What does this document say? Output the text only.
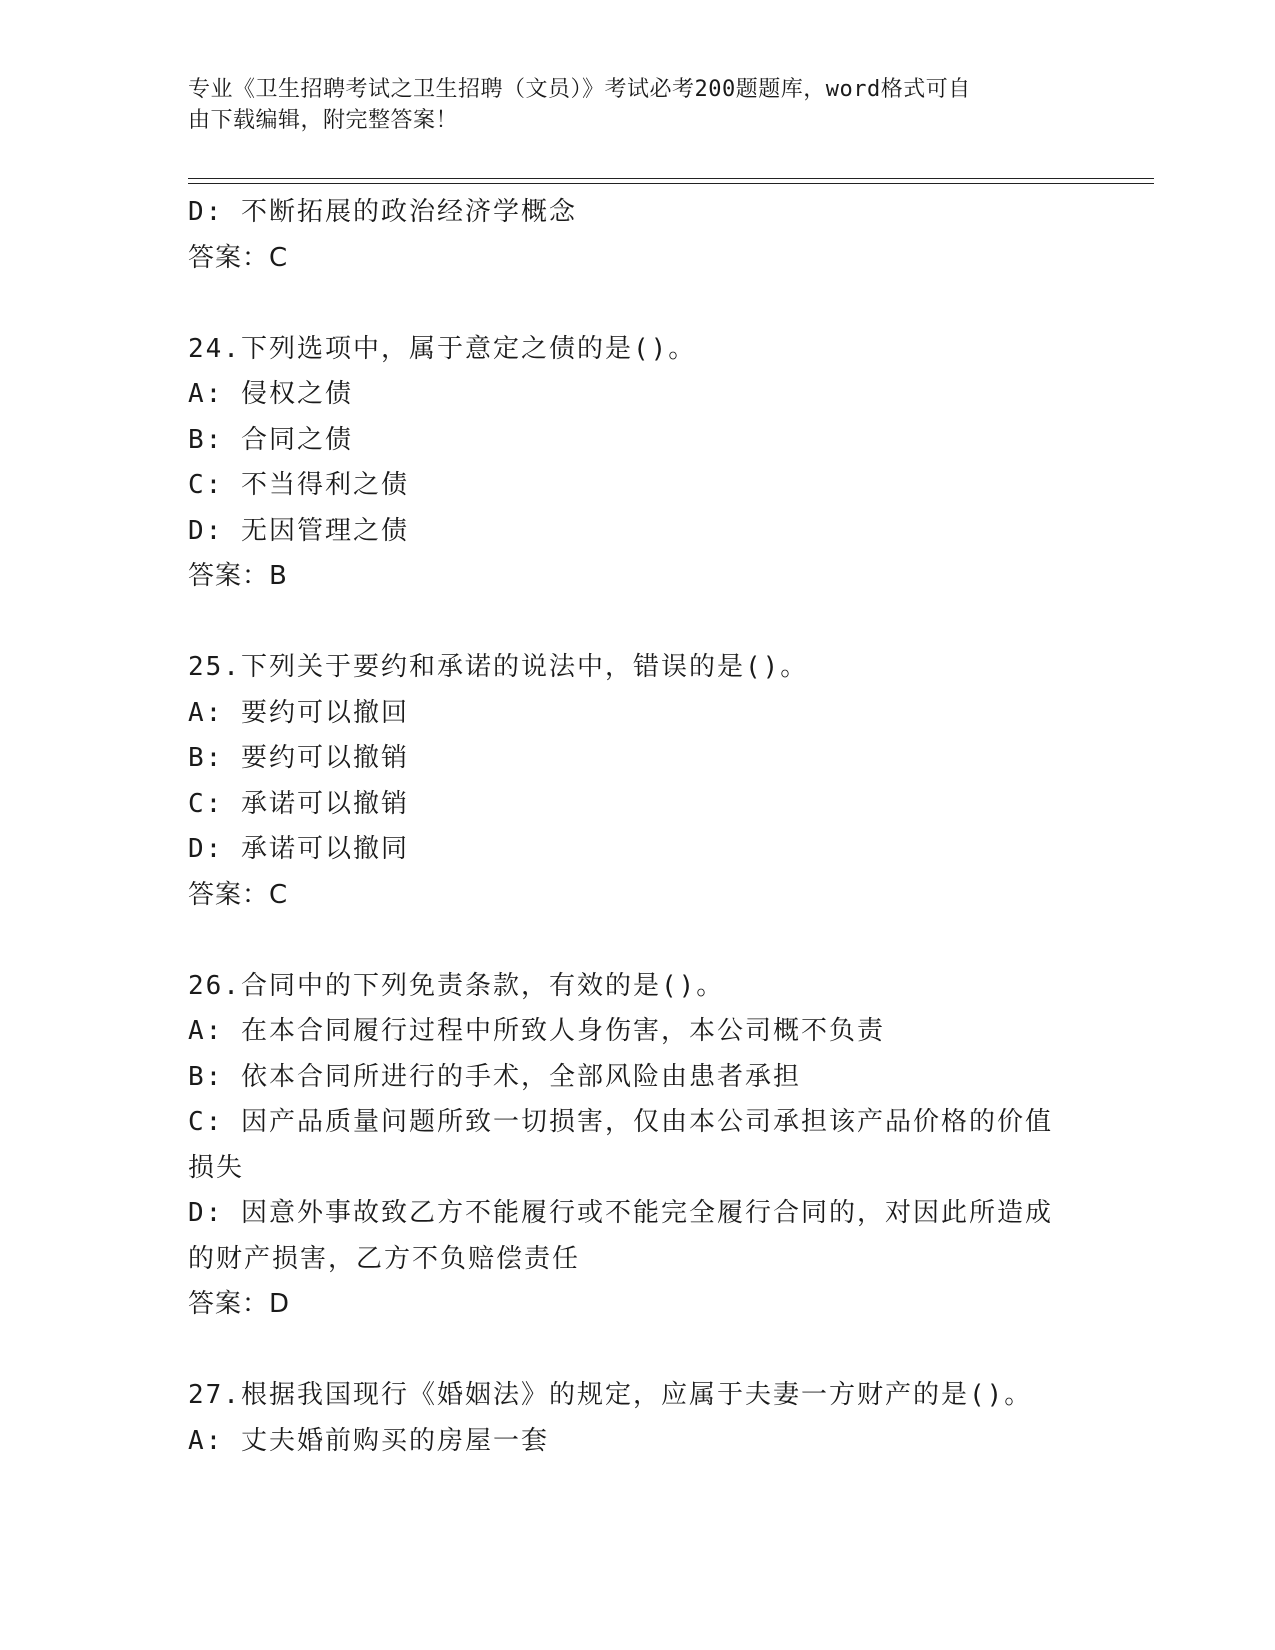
专业《卫生招聘考试之卫生招聘（文员）》考试必考200题题库，word格式可自
由下载编辑，附完整答案！
D: 不断拓展的政治经济学概念
答案：C
24.下列选项中，属于意定之债的是()。
A: 侵权之债
B: 合同之债
C: 不当得利之债
D: 无因管理之债
答案：B
25.下列关于要约和承诺的说法中，错误的是()。
A: 要约可以撤回
B: 要约可以撤销
C: 承诺可以撤销
D: 承诺可以撤同
答案：C
26.合同中的下列免责条款，有效的是()。
A: 在本合同履行过程中所致人身伤害，本公司概不负责
B: 依本合同所进行的手术，全部风险由患者承担
C: 因产品质量问题所致一切损害，仅由本公司承担该产品价格的价值
损失
D: 因意外事故致乙方不能履行或不能完全履行合同的，对因此所造成
的财产损害，乙方不负赔偿责任
答案：D
27.根据我国现行《婚姻法》的规定，应属于夫妻一方财产的是()。
A: 丈夫婚前购买的房屋一套
